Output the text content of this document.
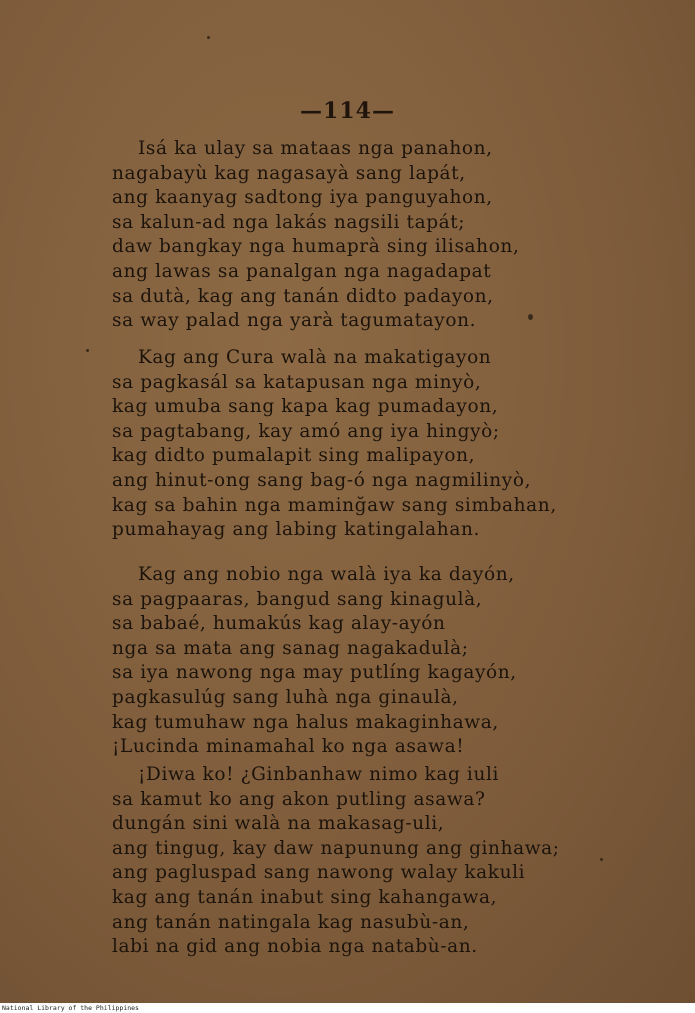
—114—
Isá ka ulay sa mataas nga panahon,
nagabayù kag nagasayà sang lapát,
ang kaanyag sadtong iya panguyahon,
sa kalun-ad nga lakás nagsili tapát;
daw bangkay nga humaprà sing ilisahon,
ang lawas sa panalgan nga nagadapat
sa dutà, kag ang tanán didto padayon,
sa way palad nga yarà tagumatayon.
Kag ang Cura walà na makatigayon
sa pagkasál sa katapusan nga minyò,
kag umuba sang kapa kag pumadayon,
sa pagtabang, kay amó ang iya hingyò;
kag didto pumalapit sing malipayon,
ang hinut-ong sang bag-ó nga nagmilinyò,
kag sa bahin nga maminğaw sang simbahan,
pumahayag ang labing katingalahan.
Kag ang nobio nga walà iya ka dayón,
sa pagpaaras, bangud sang kinagulà,
sa babaé, humakús kag alay-ayón
nga sa mata ang sanag nagakadulà;
sa iya nawong nga may putlíng kagayón,
pagkasulúg sang luhà nga ginaulà,
kag tumuhaw nga halus makaginhawa,
¡Lucinda minamahal ko nga asawa!
¡Diwa ko! ¿Ginbanhaw nimo kag iuli
sa kamut ko ang akon putling asawa?
dungán sini walà na makasag-uli,
ang tingug, kay daw napunung ang ginhawa;
ang pagluspad sang nawong walay kakuli
kag ang tanán inabut sing kahangawa,
ang tanán natingala kag nasubù-an,
labi na gid ang nobia nga natabù-an.
National Library of the Philippines
